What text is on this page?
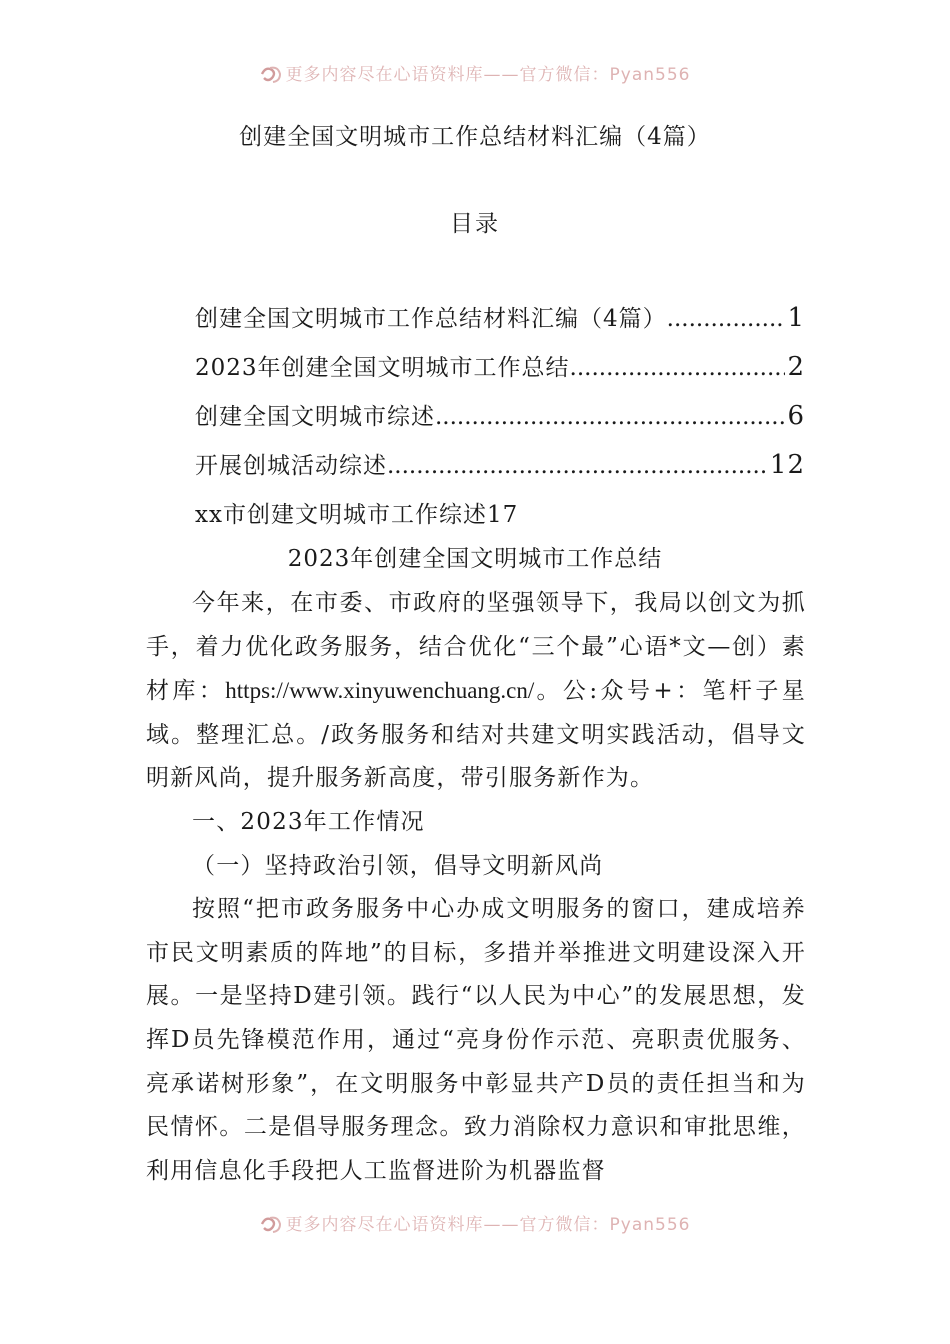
更多内容尽在心语资料库——官方微信：Pyan556
创建全国文明城市工作总结材料汇编（4篇）
目录
创建全国文明城市工作总结材料汇编（4篇） .....	1
2023年创建全国文明城市工作总结 .....	2
创建全国文明城市综述 .....	6
开展创城活动综述 .....	12
xx市创建文明城市工作综述17
2023年创建全国文明城市工作总结

今年来，在市委、市政府的坚强领导下，我局以创文为抓手，着力优化政务服务，结合优化“三个最”心语*文—创）素材库：https://www.xinyuwenchuang.cn/。公:众号+：笔杆子星域。整理汇总。/政务服务和结对共建文明实践活动，倡导文明新风尚，提升服务新高度，带引服务新作为。

一、2023年工作情况

（一）坚持政治引领，倡导文明新风尚

按照“把市政务服务中心办成文明服务的窗口，建成培养市民文明素质的阵地”的目标，多措并举推进文明建设深入开展。一是坚持D建引领。践行“以人民为中心”的发展思想，发挥D员先锋模范作用，通过“亮身份作示范、亮职责优服务、亮承诺树形象”，在文明服务中彰显共产D员的责任担当和为民情怀。二是倡导服务理念。致力消除权力意识和审批思维，利用信息化手段把人工监督进阶为机器监督

更多内容尽在心语资料库——官方微信：Pyan556
